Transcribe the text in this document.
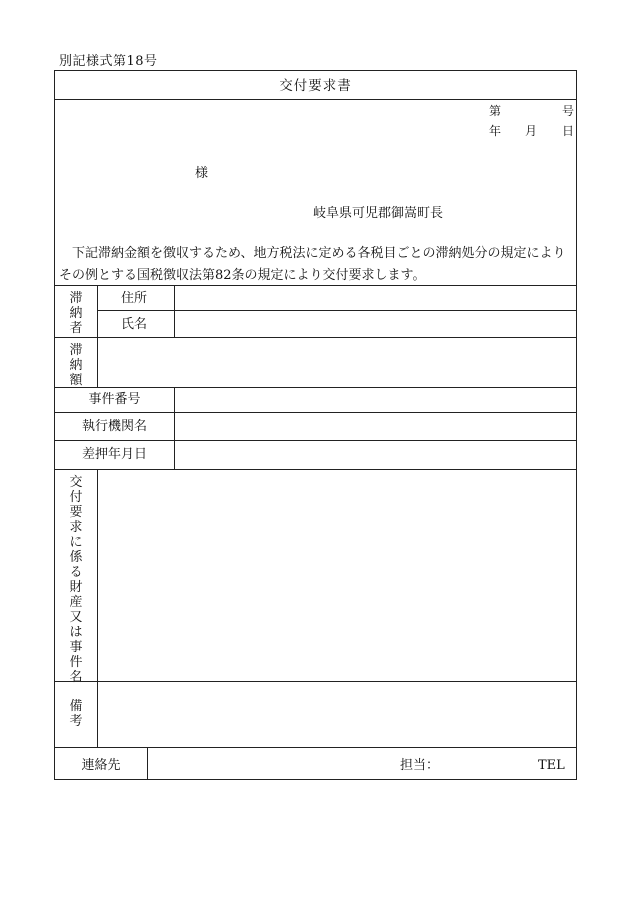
別記様式第18号
交付要求書
第	号
年 月 日
様
岐阜県可児郡御嵩町長
下記滞納金額を徴収するため、地方税法に定める各税目ごとの滞納処分の規定によりその例とする国税徴収法第82条の規定により交付要求します。
滞納者
住所
氏名
滞納額
事件番号
執行機関名
差押年月日
交付要求に係る財産又は事件名
備考
連絡先	担当：	TEL
